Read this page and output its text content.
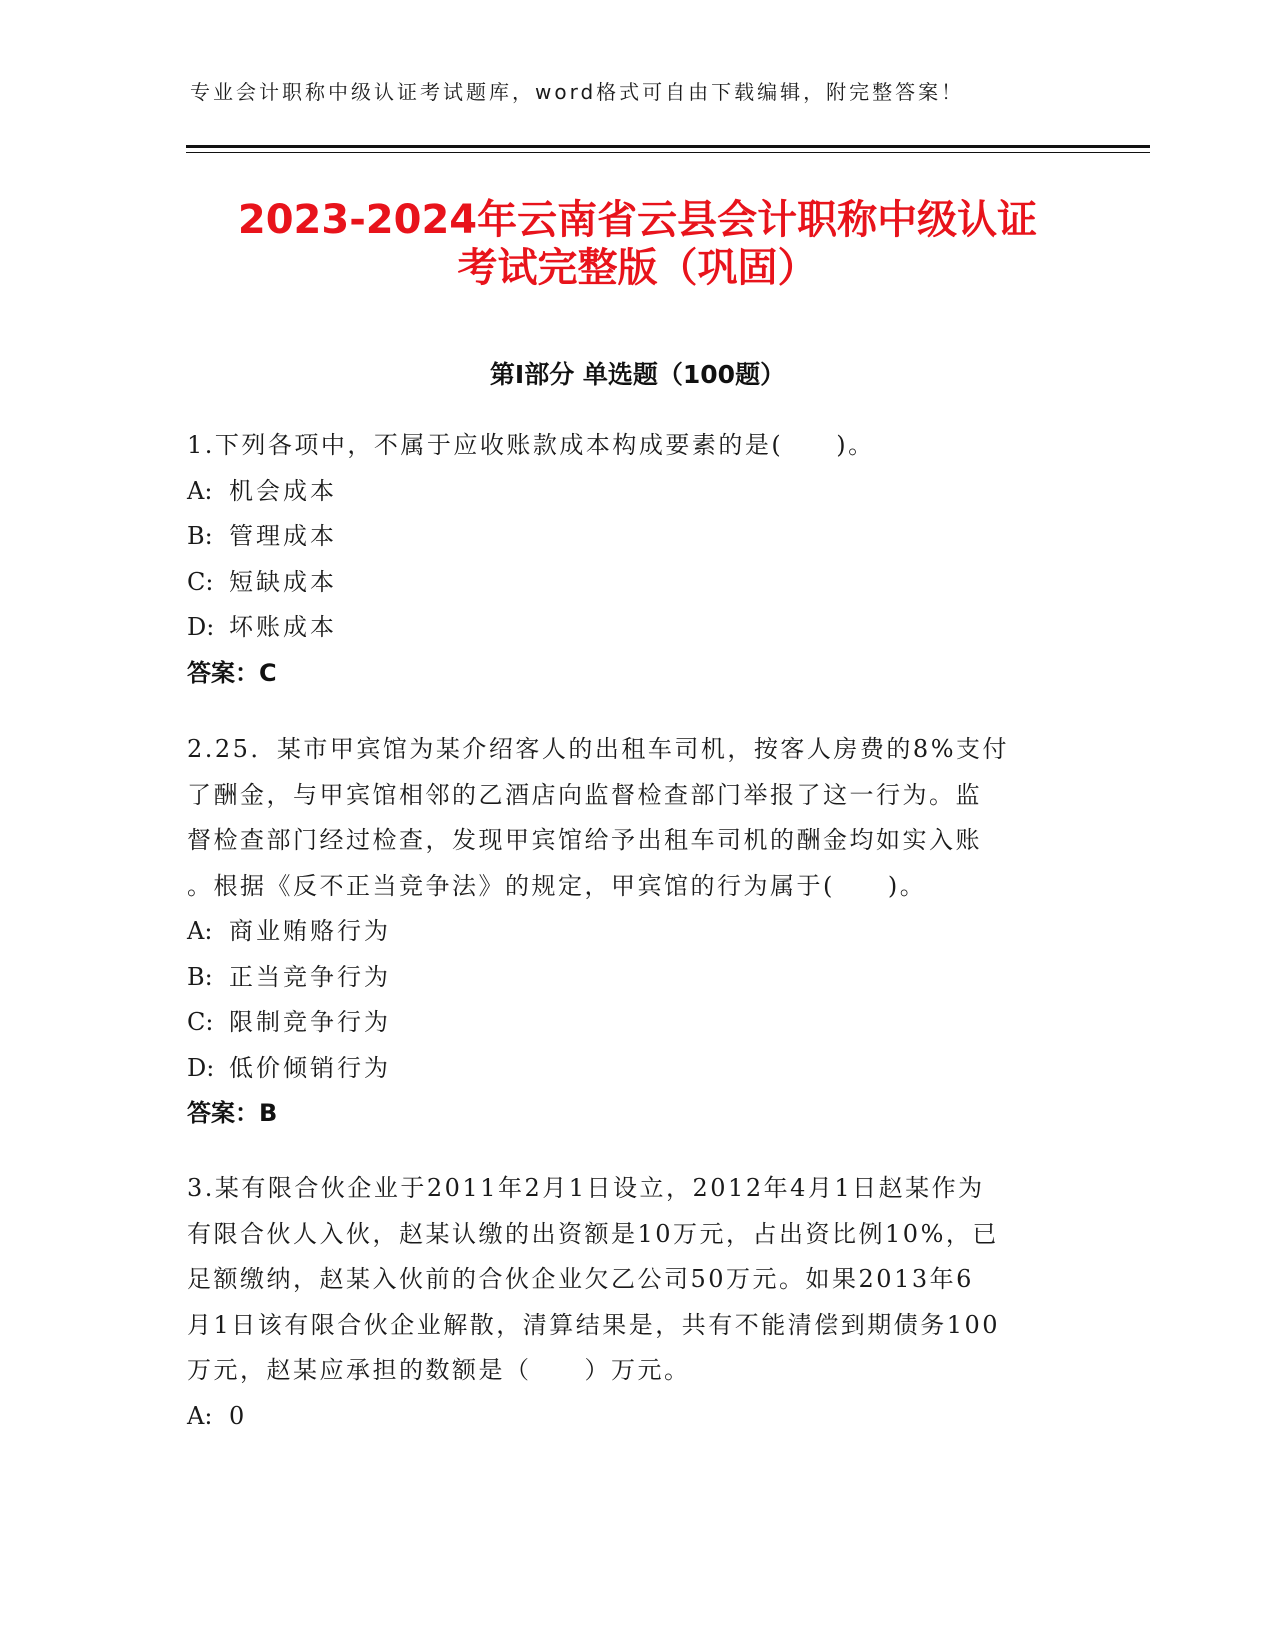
专业会计职称中级认证考试题库，word格式可自由下载编辑，附完整答案！
2023-2024年云南省云县会计职称中级认证
考试完整版（巩固）
第Ⅰ部分 单选题（100题）
1.下列各项中，不属于应收账款成本构成要素的是(　　)。
A: 机会成本
B: 管理成本
C: 短缺成本
D: 坏账成本
答案：C
2.25．某市甲宾馆为某介绍客人的出租车司机，按客人房费的8%支付
了酬金，与甲宾馆相邻的乙酒店向监督检查部门举报了这一行为。监
督检查部门经过检查，发现甲宾馆给予出租车司机的酬金均如实入账
。根据《反不正当竞争法》的规定，甲宾馆的行为属于(　　)。
A: 商业贿赂行为
B: 正当竞争行为
C: 限制竞争行为
D: 低价倾销行为
答案：B
3.某有限合伙企业于2011年2月1日设立，2012年4月1日赵某作为
有限合伙人入伙，赵某认缴的出资额是10万元，占出资比例10%，已
足额缴纳，赵某入伙前的合伙企业欠乙公司50万元。如果2013年6
月1日该有限合伙企业解散，清算结果是，共有不能清偿到期债务100
万元，赵某应承担的数额是（　　）万元。
A: 0
